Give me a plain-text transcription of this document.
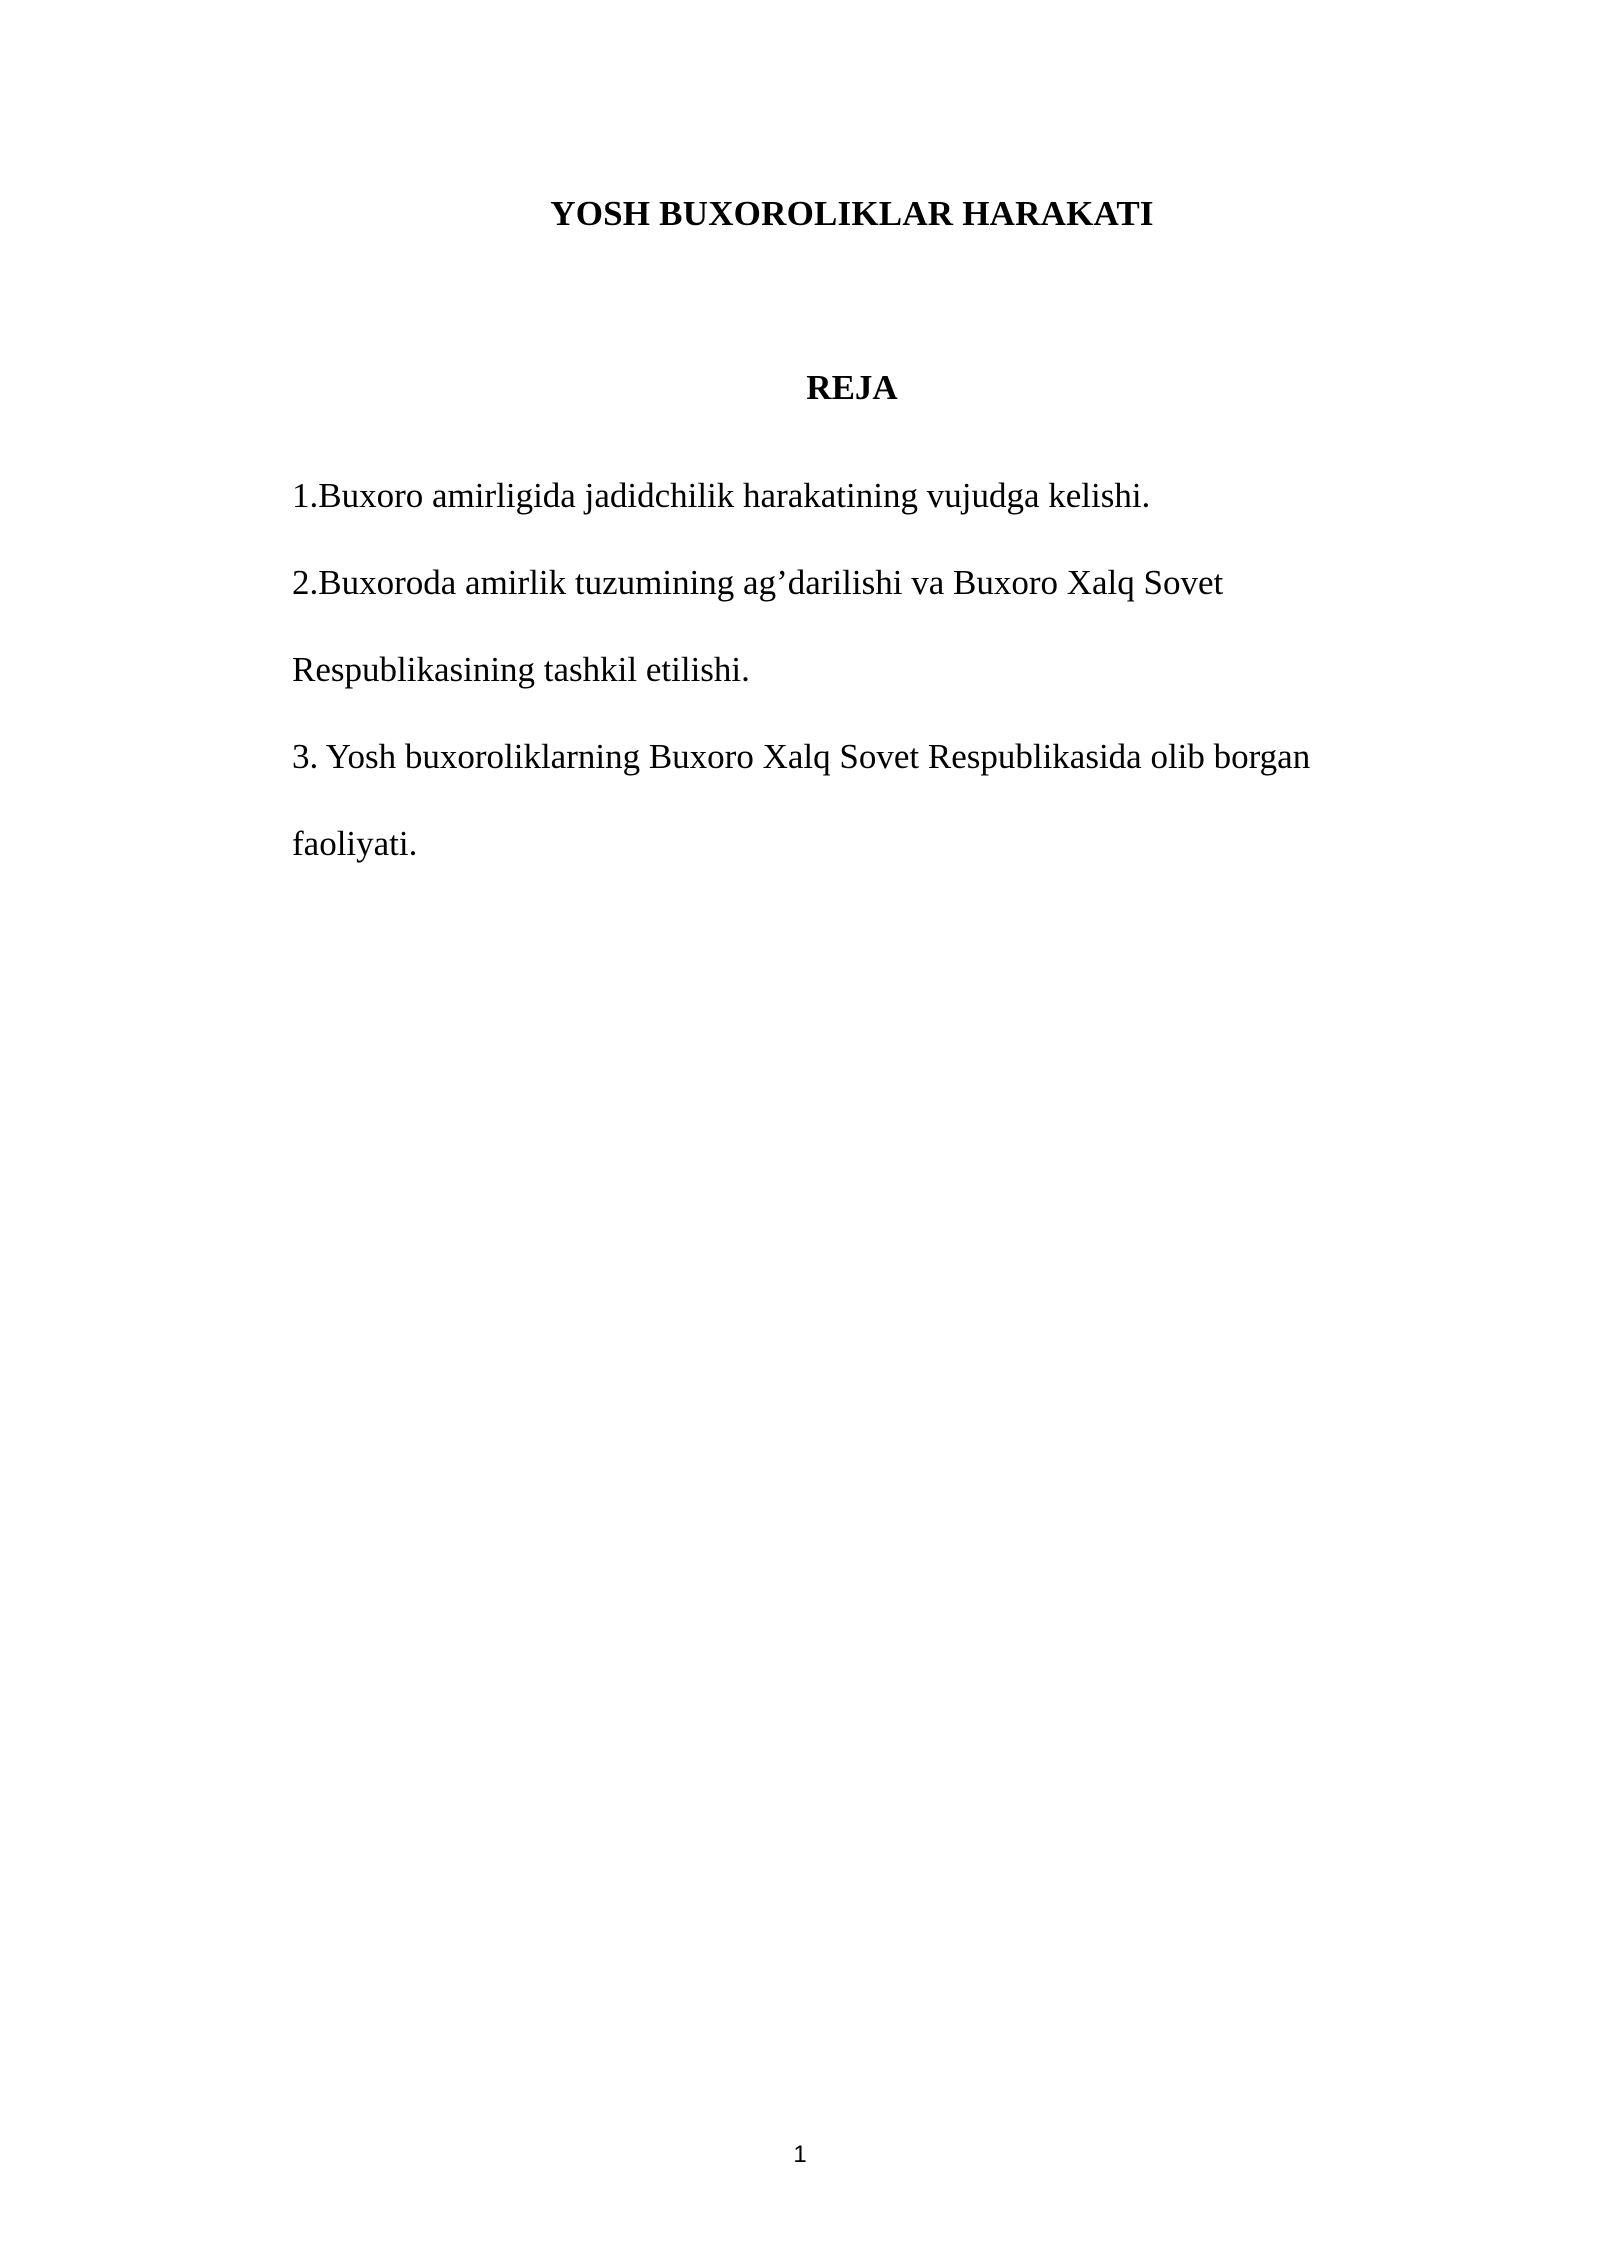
YOSH BUXOROLIKLAR HARAKATI
REJA
1.Buxoro amirligida jadidchilik harakatining vujudga kelishi.
2.Buxoroda amirlik tuzumining ag’darilishi va Buxoro Xalq Sovet Respublikasining tashkil etilishi.
3. Yosh buxoroliklarning Buxoro Xalq Sovet Respublikasida olib borgan faoliyati.
1
